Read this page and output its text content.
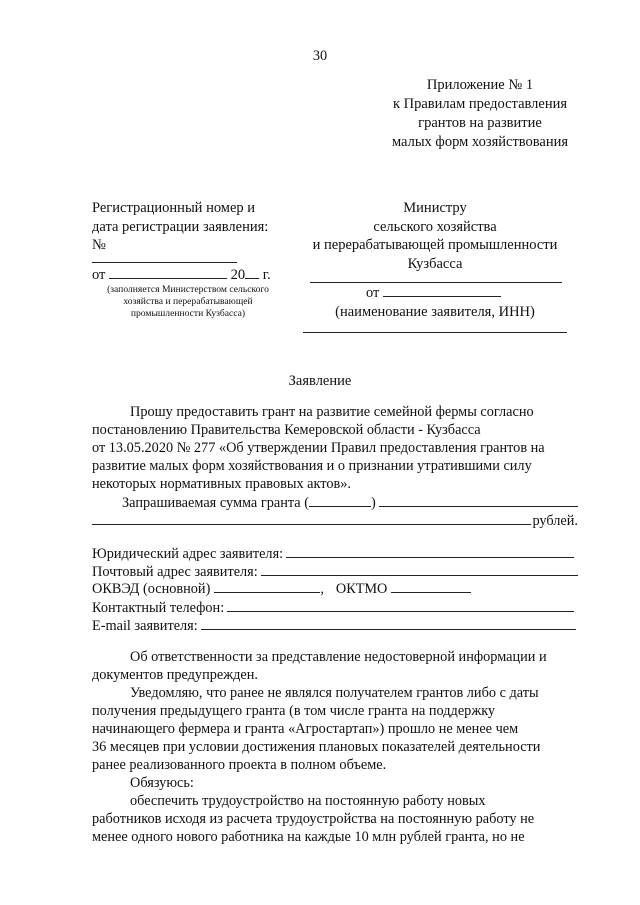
30
Приложение № 1
к Правилам предоставления
грантов на развитие
малых форм хозяйствования
Регистрационный номер и
дата регистрации заявления:
№
от	20 г.
(заполняется Министерством сельского
хозяйства и перерабатывающей
промышленности Кузбасса)
Министру
сельского хозяйства
и перерабатывающей промышленности
Кузбасса
от
(наименование заявителя, ИНН)
Заявление
Прошу предоставить грант на развитие семейной фермы согласно
постановлению Правительства Кемеровской области - Кузбасса
от 13.05.2020 № 277 «Об утверждении Правил предоставления грантов на
развитие малых форм хозяйствования и о признании утратившими силу
некоторых нормативных правовых актов».
Запрашиваемая сумма гранта (	)
рублей.
Юридический адрес заявителя:
Почтовый адрес заявителя:
ОКВЭД (основной)	, ОКТМО
Контактный телефон:
E-mail заявителя:
Об ответственности за представление недостоверной информации и
документов предупрежден.
Уведомляю, что ранее не являлся получателем грантов либо с даты
получения предыдущего гранта (в том числе гранта на поддержку
начинающего фермера и гранта «Агростартап») прошло не менее чем
36 месяцев при условии достижения плановых показателей деятельности
ранее реализованного проекта в полном объеме.
Обязуюсь:
обеспечить трудоустройство на постоянную работу новых
работников исходя из расчета трудоустройства на постоянную работу не
менее одного нового работника на каждые 10 млн рублей гранта, но не
